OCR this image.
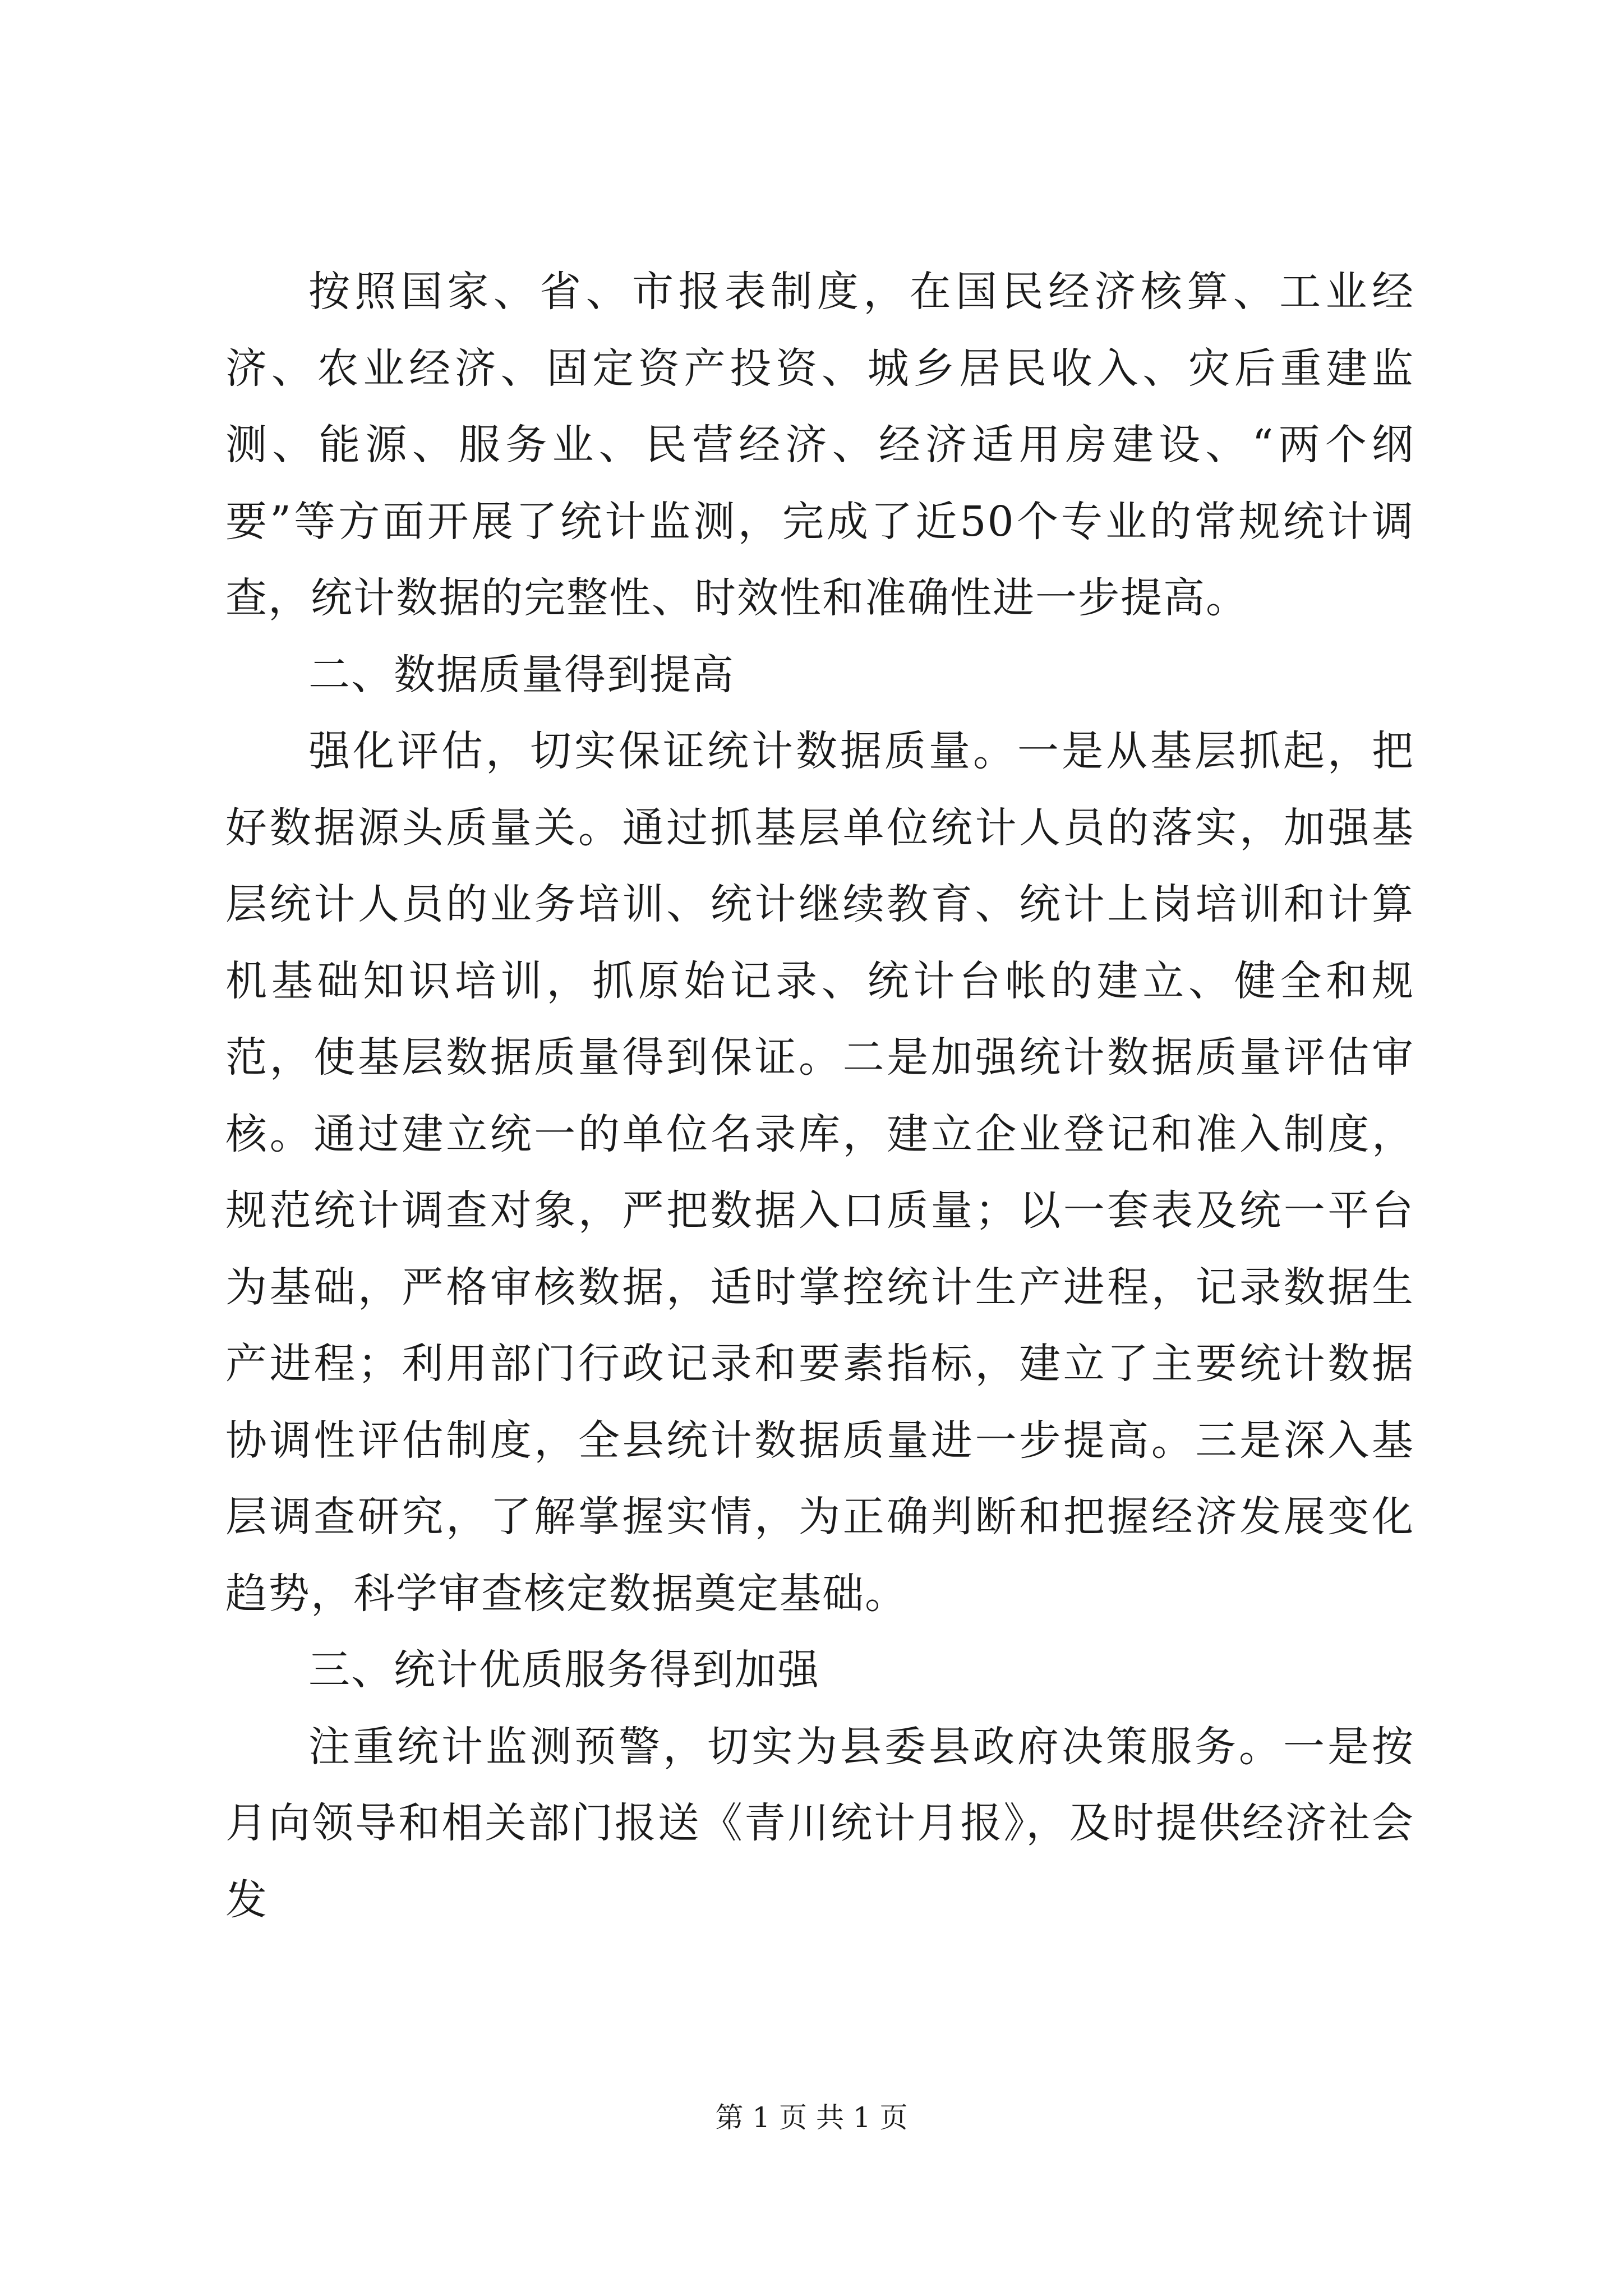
按照国家、省、市报表制度，在国民经济核算、工业经济、农业经济、固定资产投资、城乡居民收入、灾后重建监测、能源、服务业、民营经济、经济适用房建设、“两个纲要”等方面开展了统计监测，完成了近50个专业的常规统计调查，统计数据的完整性、时效性和准确性进一步提高。

二、数据质量得到提高

强化评估，切实保证统计数据质量。一是从基层抓起，把好数据源头质量关。通过抓基层单位统计人员的落实，加强基层统计人员的业务培训、统计继续教育、统计上岗培训和计算机基础知识培训，抓原始记录、统计台帐的建立、健全和规范，使基层数据质量得到保证。二是加强统计数据质量评估审核。通过建立统一的单位名录库，建立企业登记和准入制度，规范统计调查对象，严把数据入口质量；以一套表及统一平台为基础，严格审核数据，适时掌控统计生产进程，记录数据生产进程；利用部门行政记录和要素指标，建立了主要统计数据协调性评估制度，全县统计数据质量进一步提高。三是深入基层调查研究，了解掌握实情，为正确判断和把握经济发展变化趋势，科学审查核定数据奠定基础。

三、统计优质服务得到加强

注重统计监测预警，切实为县委县政府决策服务。一是按月向领导和相关部门报送《青川统计月报》，及时提供经济社会发

第 1 页 共 1 页
